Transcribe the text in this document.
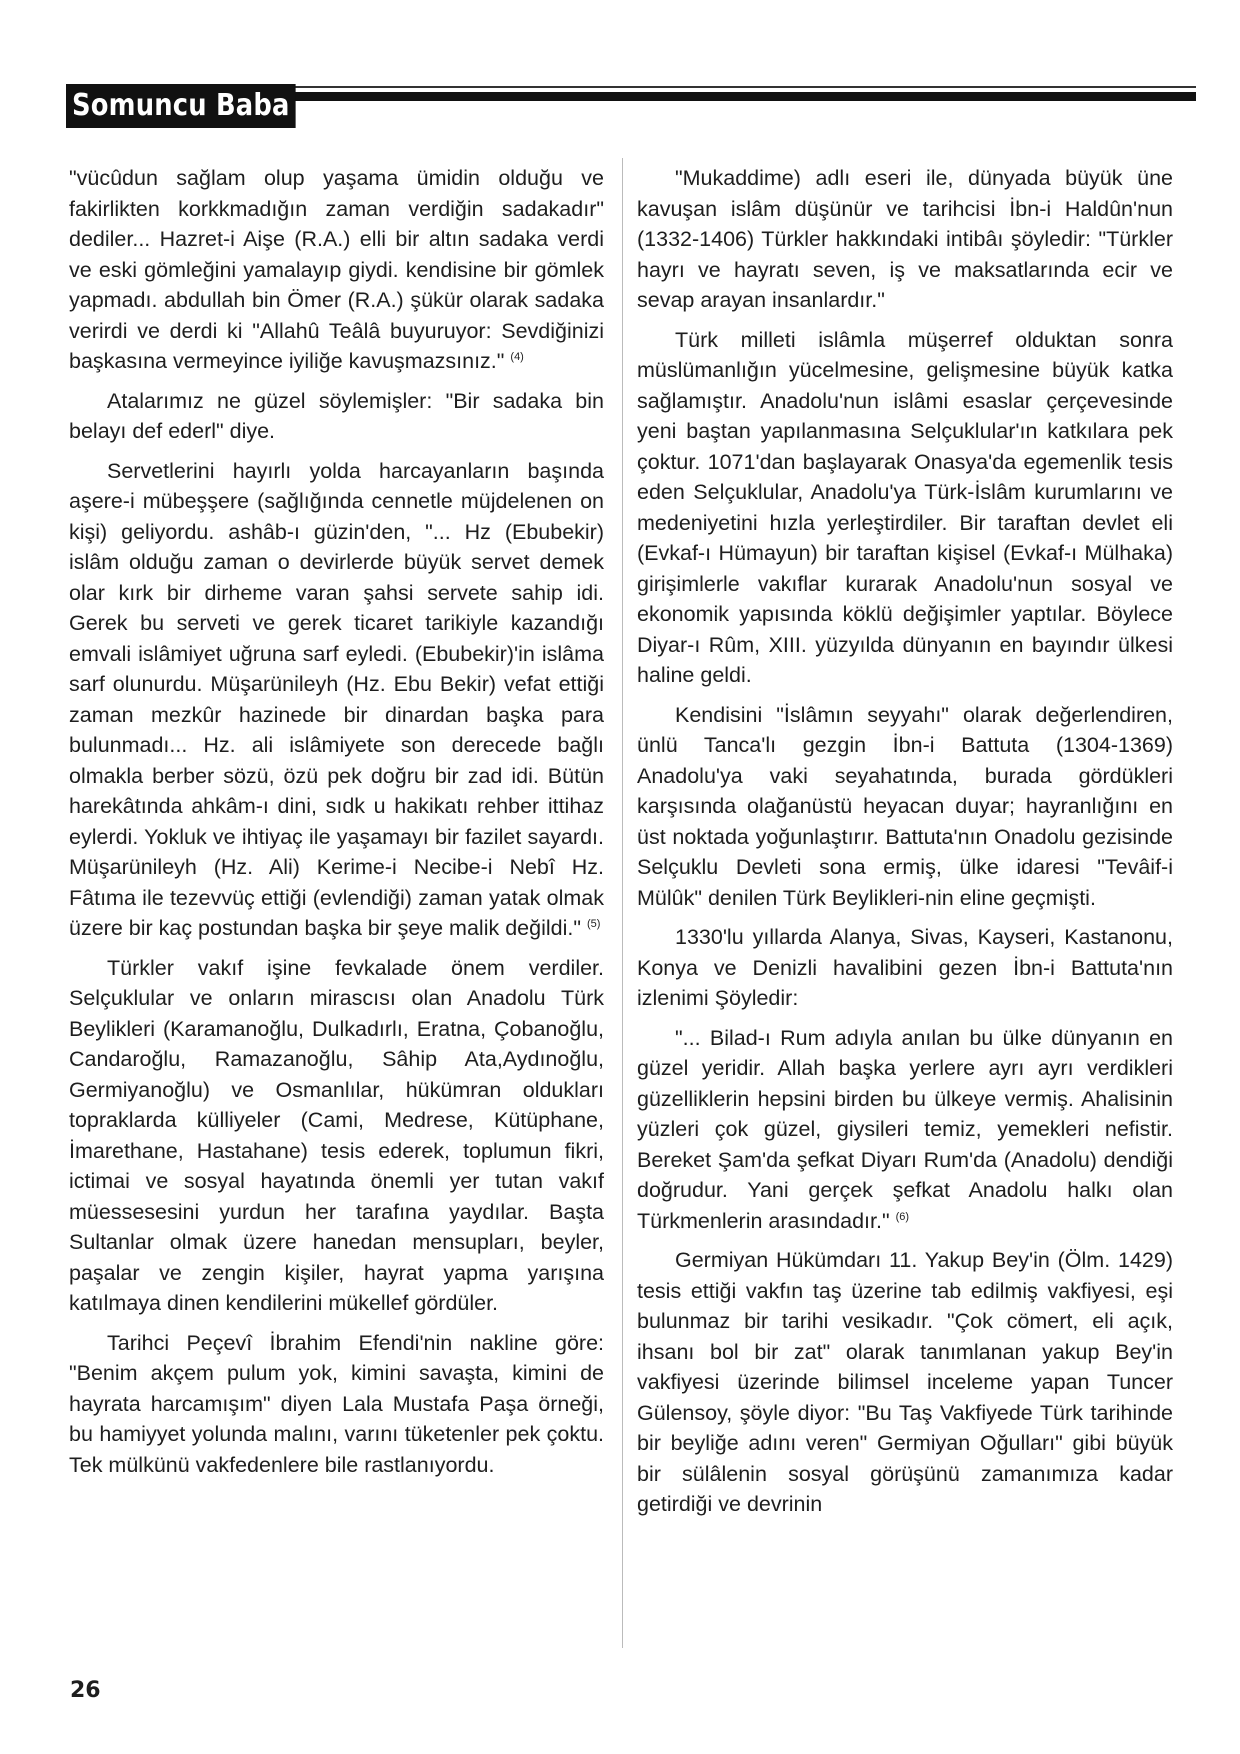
Somuncu Baba

"vücûdun sağlam olup yaşama ümidin olduğu ve fakirlikten korkkmadığın zaman verdiğin sadakadır" dediler... Hazret-i Aişe (R.A.) elli bir altın sadaka verdi ve eski gömleğini yamalayıp giydi. kendisine bir gömlek yapmadı. abdullah bin Ömer (R.A.) şükür olarak sadaka verirdi ve derdi ki "Allahû Teâlâ buyuruyor: Sevdiğinizi başkasına vermeyince iyiliğe kavuşmazsınız." $^{(4)}$

Atalarımız ne güzel söylemişler: "Bir sadaka bin belayı def ederl" diye.

Servetlerini hayırlı yolda harcayanların başında aşere-i mübeşşere (sağlığında cennetle müjdelenen on kişi) geliyordu. ashâb-ı güzin'den, "... Hz (Ebubekir) islâm olduğu zaman o devirlerde büyük servet demek olar kırk bir dirheme varan şahsi servete sahip idi. Gerek bu serveti ve gerek ticaret tarikiyle kazandığı emvali islâmiyet uğruna sarf eyledi. (Ebubekir)'in islâma sarf olunurdu. Müşarünileyh (Hz. Ebu Bekir) vefat ettiği zaman mezkûr hazinede bir dinardan başka para bulunmadı... Hz. ali islâmiyete son derecede bağlı olmakla berber sözü, özü pek doğru bir zad idi. Bütün harekâtında ahkâm-ı dini, sıdk u hakikatı rehber ittihaz eylerdi. Yokluk ve ihtiyaç ile yaşamayı bir fazilet sayardı. Müşarünileyh (Hz. Ali) Kerime-i Necibe-i Nebî Hz. Fâtıma ile tezevvüç ettiği (evlendiği) zaman yatak olmak üzere bir kaç postundan başka bir şeye malik değildi." $^{(5)}$

Türkler vakıf işine fevkalade önem verdiler. Selçuklular ve onların mirascısı olan Anadolu Türk Beylikleri (Karamanoğlu, Dulkadırlı, Eratna, Çobanoğlu, Candaroğlu, Ramazanoğlu, Sâhip Ata,Aydınoğlu, Germiyanoğlu) ve Osmanlılar, hükümran oldukları topraklarda külliyeler (Cami, Medrese, Kütüphane, İmarethane, Hastahane) tesis ederek, toplumun fikri, ictimai ve sosyal hayatında önemli yer tutan vakıf müessesesini yurdun her tarafına yaydılar. Başta Sultanlar olmak üzere hanedan mensupları, beyler, paşalar ve zengin kişiler, hayrat yapma yarışına katılmaya dinen kendilerini mükellef gördüler.

Tarihci Peçevî İbrahim Efendi'nin nakline göre: "Benim akçem pulum yok, kimini savaşta, kimini de hayrata harcamışım" diyen Lala Mustafa Paşa örneği, bu hamiyyet yolunda malını, varını tüketenler pek çoktu. Tek mülkünü vakfedenlere bile rastlanıyordu.

"Mukaddime) adlı eseri ile, dünyada büyük üne kavuşan islâm düşünür ve tarihcisi İbn-i Haldûn'nun (1332-1406) Türkler hakkındaki intibâı şöyledir: "Türkler hayrı ve hayratı seven, iş ve maksatlarında ecir ve sevap arayan insanlardır."

Türk milleti islâmla müşerref olduktan sonra müslümanlığın yücelmesine, gelişmesine büyük katka sağlamıştır. Anadolu'nun islâmi esaslar çerçevesinde yeni baştan yapılanmasına Selçuklular'ın katkılara pek çoktur. 1071'dan başlayarak Onasya'da egemenlik tesis eden Selçuklular, Anadolu'ya Türk-İslâm kurumlarını ve medeniyetini hızla yerleştirdiler. Bir taraftan devlet eli (Evkaf-ı Hümayun) bir taraftan kişisel (Evkaf-ı Mülhaka) girişimlerle vakıflar kurarak Anadolu'nun sosyal ve ekonomik yapısında köklü değişimler yaptılar. Böylece Diyar-ı Rûm, XIII. yüzyılda dünyanın en bayındır ülkesi haline geldi.

Kendisini "İslâmın seyyahı" olarak değerlendiren, ünlü Tanca'lı gezgin İbn-i Battuta (1304-1369) Anadolu'ya vaki seyahatında, burada gördükleri karşısında olağanüstü heyacan duyar; hayranlığını en üst noktada yoğunlaştırır. Battuta'nın Onadolu gezisinde Selçuklu Devleti sona ermiş, ülke idaresi "Tevâif-i Mülûk" denilen Türk Beylikleri-nin eline geçmişti.

1330'lu yıllarda Alanya, Sivas, Kayseri, Kastanonu, Konya ve Denizli havalibini gezen İbn-i Battuta'nın izlenimi Şöyledir:

"... Bilad-ı Rum adıyla anılan bu ülke dünyanın en güzel yeridir. Allah başka yerlere ayrı ayrı verdikleri güzelliklerin hepsini birden bu ülkeye vermiş. Ahalisinin yüzleri çok güzel, giysileri temiz, yemekleri nefistir. Bereket Şam'da şefkat Diyarı Rum'da (Anadolu) dendiği doğrudur. Yani gerçek şefkat Anadolu halkı olan Türkmenlerin arasındadır." $^{(6)}$

Germiyan Hükümdarı 11. Yakup Bey'in (Ölm. 1429) tesis ettiği vakfın taş üzerine tab edilmiş vakfiyesi, eşi bulunmaz bir tarihi vesikadır. "Çok cömert, eli açık, ihsanı bol bir zat" olarak tanımlanan yakup Bey'in vakfiyesi üzerinde bilimsel inceleme yapan Tuncer Gülensoy, şöyle diyor: "Bu Taş Vakfiyede Türk tarihinde bir beyliğe adını veren" Germiyan Oğulları" gibi büyük bir sülâlenin sosyal görüşünü zamanımıza kadar getirdiği ve devrinin

26
